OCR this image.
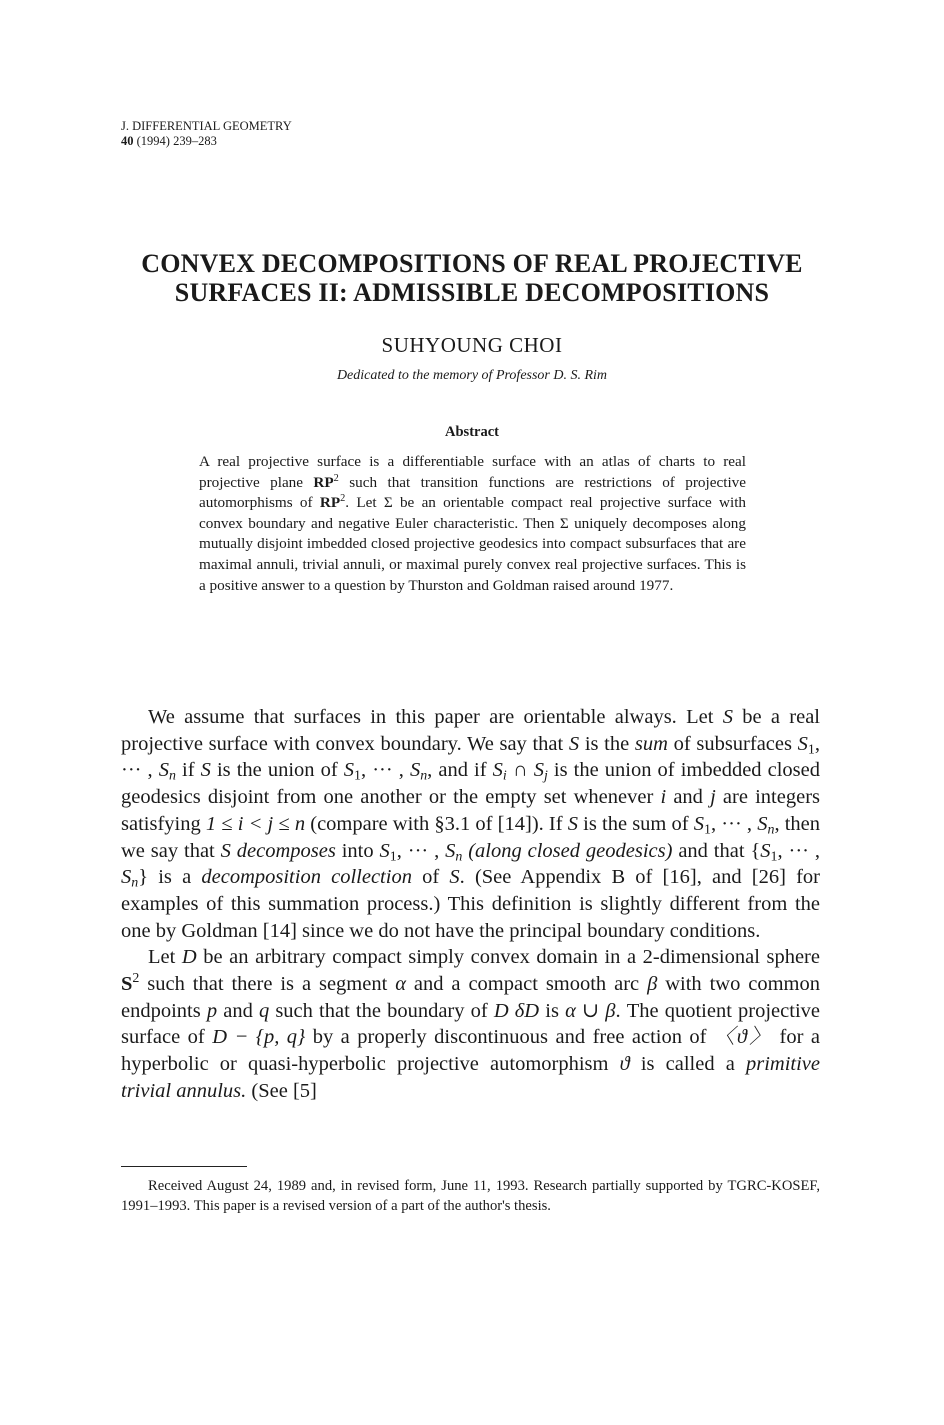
J. DIFFERENTIAL GEOMETRY
40 (1994) 239–283
CONVEX DECOMPOSITIONS OF REAL PROJECTIVE
SURFACES II: ADMISSIBLE DECOMPOSITIONS
SUHYOUNG CHOI
Dedicated to the memory of Professor D. S. Rim
Abstract
A real projective surface is a differentiable surface with an atlas of charts to real projective plane $RP^2$ such that transition functions are restrictions of projective automorphisms of $RP^2$. Let Σ be an orientable compact real projective surface with convex boundary and negative Euler characteristic. Then Σ uniquely decomposes along mutually disjoint imbedded closed projective geodesics into compact subsurfaces that are maximal annuli, trivial annuli, or maximal purely convex real projective surfaces. This is a positive answer to a question by Thurston and Goldman raised around 1977.

We assume that surfaces in this paper are orientable always. Let S be a real projective surface with convex boundary. We say that S is the sum of subsurfaces $S_1$, ··· , $S_n$ if S is the union of $S_1$, ··· , $S_n$, and if $S_i$ ∩ $S_j$ is the union of imbedded closed geodesics disjoint from one another or the empty set whenever i and j are integers satisfying 1 ≤ i < j ≤ n (compare with §3.1 of [14]). If S is the sum of $S_1$, ··· , $S_n$, then we say that S decomposes into $S_1$, ··· , $S_n$ (along closed geodesics) and that {$S_1$, ··· , $S_n$} is a decomposition collection of S. (See Appendix B of [16], and [26] for examples of this summation process.) This definition is slightly different from the one by Goldman [14] since we do not have the principal boundary conditions.

Let D be an arbitrary compact simply convex domain in a 2-dimensional sphere $S^2$ such that there is a segment α and a compact smooth arc β with two common endpoints p and q such that the boundary of D δD is α ∪ β. The quotient projective surface of D − {p, q} by a properly discontinuous and free action of 〈ϑ〉 for a hyperbolic or quasi-hyperbolic projective automorphism ϑ is called a primitive trivial annulus. (See [5]

Received August 24, 1989 and, in revised form, June 11, 1993. Research partially supported by TGRC-KOSEF, 1991–1993. This paper is a revised version of a part of the author's thesis.
